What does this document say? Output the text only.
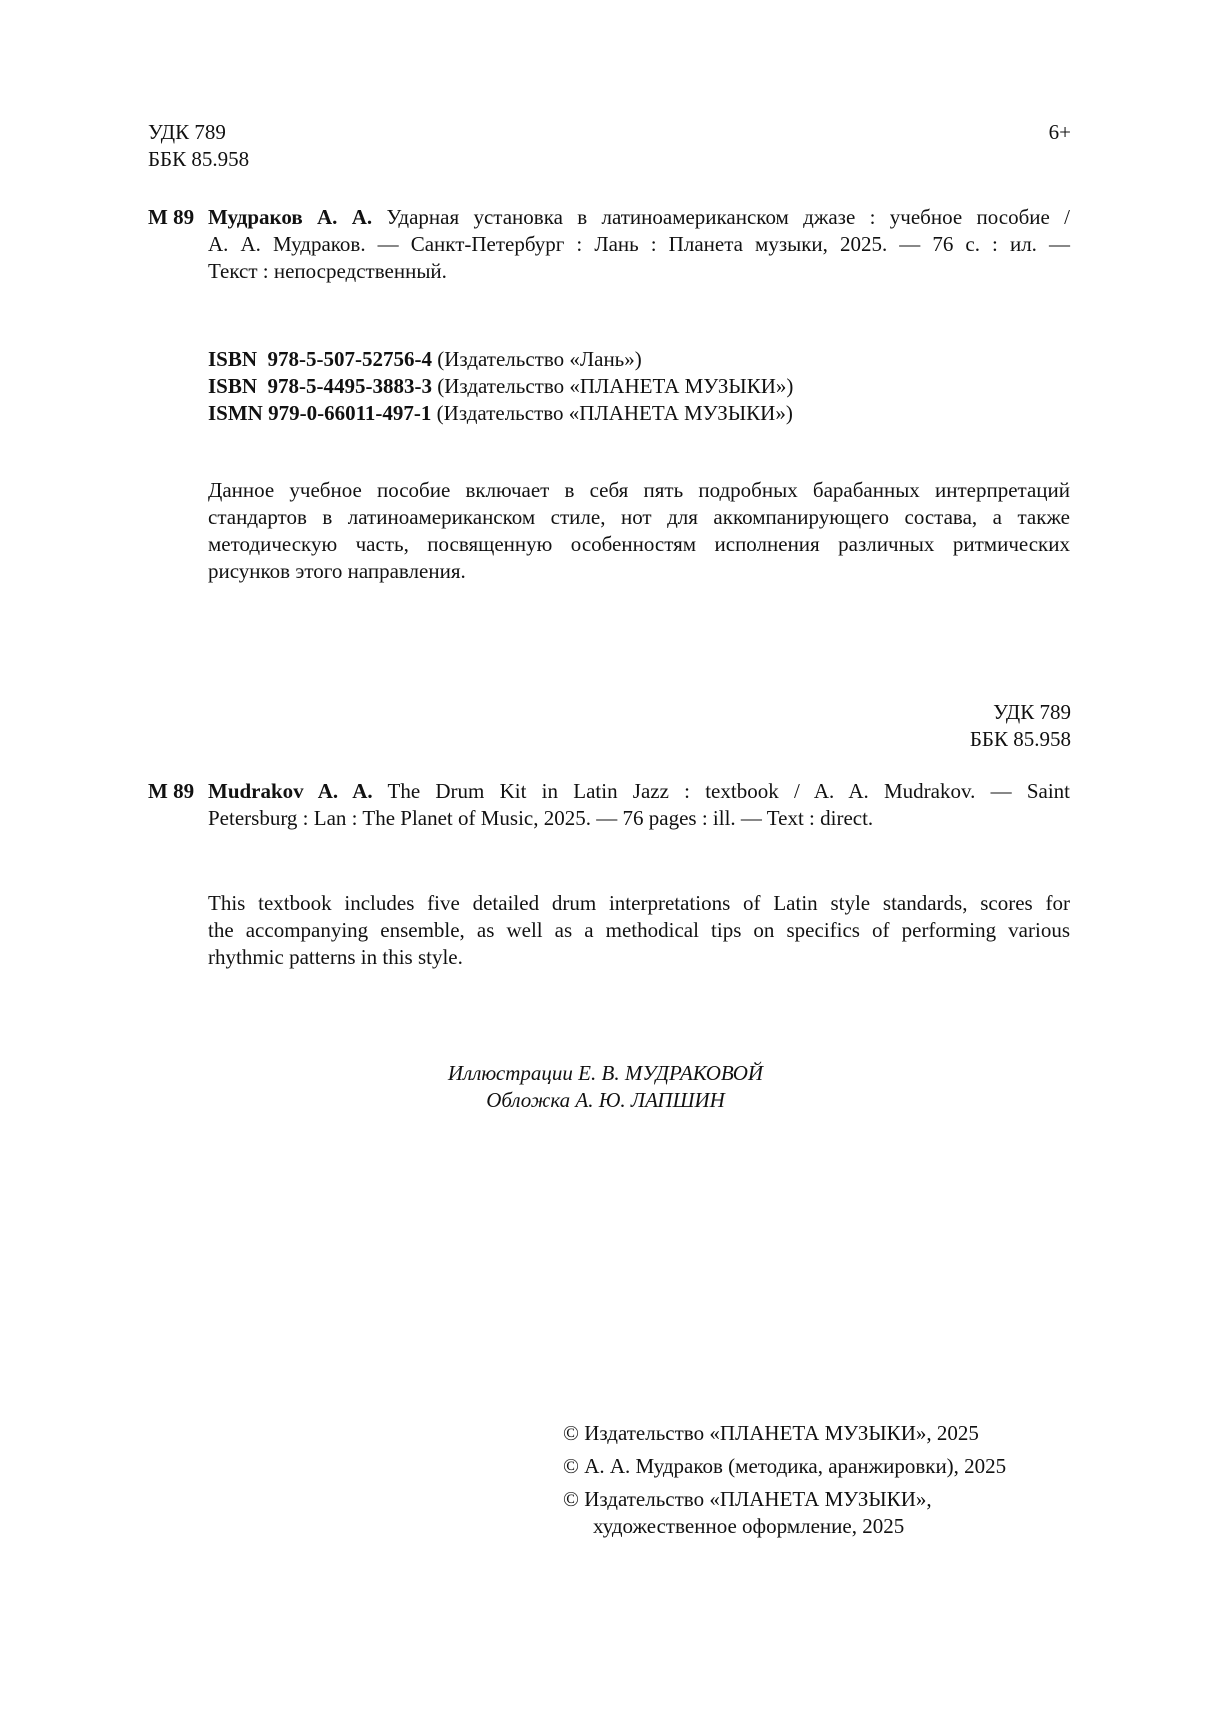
УДК 789
ББК 85.958
6+
М 89 Мудраков А. А. Ударная установка в латиноамериканском джазе : учебное пособие /
А. А. Мудраков. — Санкт-Петербург : Лань : Планета музыки, 2025. — 76 с. : ил. —
Текст : непосредственный.
ISBN 978-5-507-52756-4 (Издательство «Лань»)
ISBN 978-5-4495-3883-3 (Издательство «ПЛАНЕТА МУЗЫКИ»)
ISMN 979-0-66011-497-1 (Издательство «ПЛАНЕТА МУЗЫКИ»)
Данное учебное пособие включает в себя пять подробных барабанных интерпретаций
стандартов в латиноамериканском стиле, нот для аккомпанирующего состава, а также
методическую часть, посвященную особенностям исполнения различных ритмических
рисунков этого направления.
УДК 789
ББК 85.958
M 89 Mudrakov A. A. The Drum Kit in Latin Jazz : textbook / A. A. Mudrakov. — Saint
Petersburg : Lan : The Planet of Music, 2025. — 76 pages : ill. — Text : direct.
This textbook includes five detailed drum interpretations of Latin style standards, scores for
the accompanying ensemble, as well as a methodical tips on specifics of performing various
rhythmic patterns in this style.
Иллюстрации Е. В. МУДРАКОВОЙ
Обложка А. Ю. ЛАПШИН
© Издательство «ПЛАНЕТА МУЗЫКИ», 2025
© А. А. Мудраков (методика, аранжировки), 2025
© Издательство «ПЛАНЕТА МУЗЫКИ»,
художественное оформление, 2025
